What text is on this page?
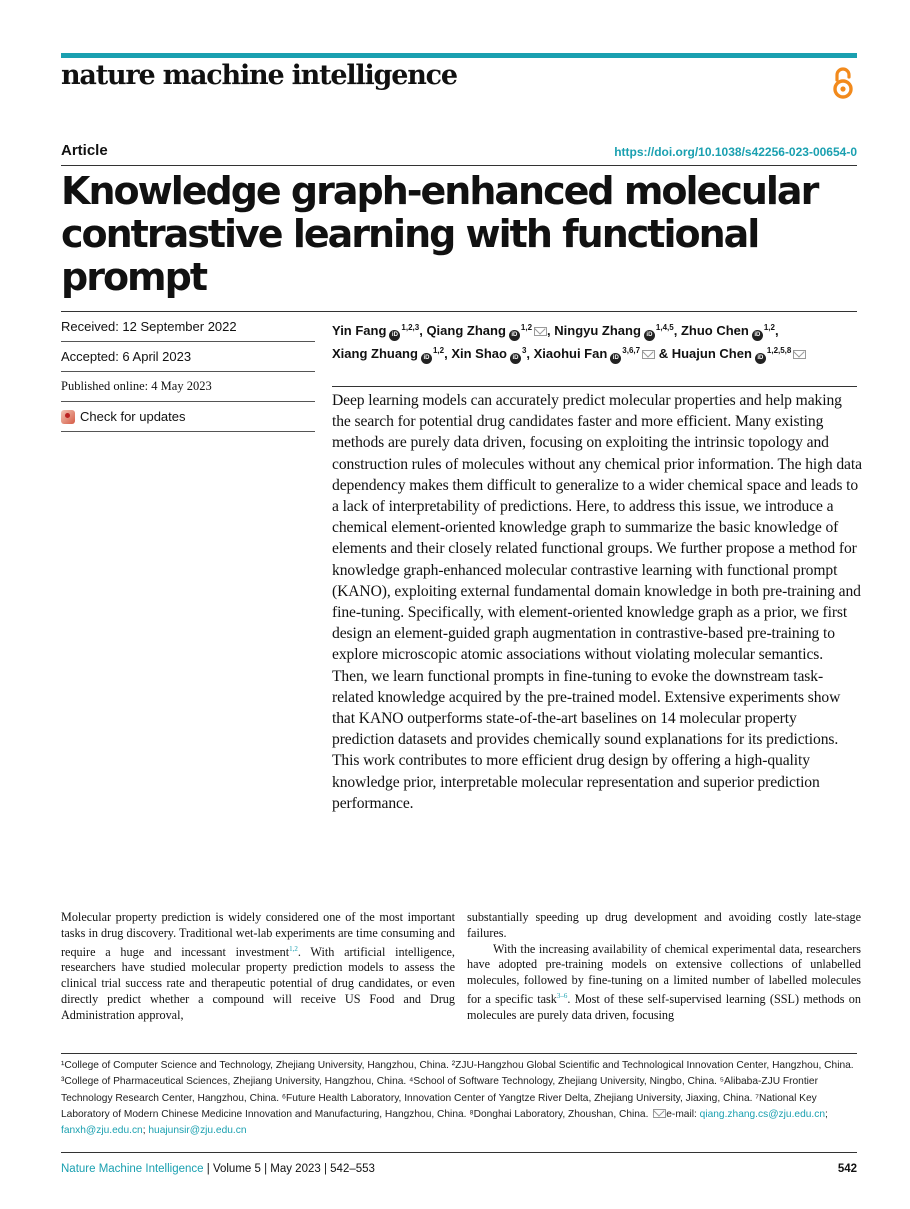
nature machine intelligence
Article	https://doi.org/10.1038/s42256-023-00654-0
Knowledge graph-enhanced molecular contrastive learning with functional prompt
Received: 12 September 2022
Accepted: 6 April 2023
Published online: 4 May 2023
Check for updates
Yin Fang iD$^{1,2,3}$, Qiang Zhang iD$^{1,2}$ , Ningyu Zhang iD$^{1,4,5}$, Zhuo Chen iD$^{1,2}$,
Xiang Zhuang iD$^{1,2}$, Xin Shao iD$^3$, Xiaohui Fan iD$^{3,6,7}$ & Huajun Chen iD$^{1,2,5,8}$

Deep learning models can accurately predict molecular properties and help making the search for potential drug candidates faster and more efficient. Many existing methods are purely data driven, focusing on exploiting the intrinsic topology and construction rules of molecules without any chemical prior information. The high data dependency makes them difficult to generalize to a wider chemical space and leads to a lack of interpretability of predictions. Here, to address this issue, we introduce a chemical element-oriented knowledge graph to summarize the basic knowledge of elements and their closely related functional groups. We further propose a method for knowledge graph-enhanced molecular contrastive learning with functional prompt (KANO), exploiting external fundamental domain knowledge in both pre-training and fine-tuning. Specifically, with element-oriented knowledge graph as a prior, we first design an element-guided graph augmentation in contrastive-based pre-training to explore microscopic atomic associations without violating molecular semantics. Then, we learn functional prompts in fine-tuning to evoke the downstream task-related knowledge acquired by the pre-trained model. Extensive experiments show that KANO outperforms state-of-the-art baselines on 14 molecular property prediction datasets and provides chemically sound explanations for its predictions. This work contributes to more efficient drug design by offering a high-quality knowledge prior, interpretable molecular representation and superior prediction performance.

Molecular property prediction is widely considered one of the most important tasks in drug discovery. Traditional wet-lab experiments are time consuming and require a huge and incessant investment$^{1,2}$. With artificial intelligence, researchers have studied molecular property prediction models to assess the clinical trial success rate and therapeutic potential of drug candidates, or even directly predict whether a compound will receive US Food and Drug Administration approval,

substantially speeding up drug development and avoiding costly late-stage failures.

With the increasing availability of chemical experimental data, researchers have adopted pre-training models on extensive collections of unlabelled molecules, followed by fine-tuning on a limited number of labelled molecules for a specific task$^{3-6}$. Most of these self-supervised learning (SSL) methods on molecules are purely data driven, focusing

¹College of Computer Science and Technology, Zhejiang University, Hangzhou, China. ²ZJU-Hangzhou Global Scientific and Technological Innovation Center, Hangzhou, China. ³College of Pharmaceutical Sciences, Zhejiang University, Hangzhou, China. ⁴School of Software Technology, Zhejiang University, Ningbo, China. ⁵Alibaba-ZJU Frontier Technology Research Center, Hangzhou, China. ⁶Future Health Laboratory, Innovation Center of Yangtze River Delta, Zhejiang University, Jiaxing, China. ⁷National Key Laboratory of Modern Chinese Medicine Innovation and Manufacturing, Hangzhou, China. ⁸Donghai Laboratory, Zhoushan, China. e-mail: qiang.zhang.cs@zju.edu.cn; fanxh@zju.edu.cn; huajunsir@zju.edu.cn
Nature Machine Intelligence | Volume 5 | May 2023 | 542–553	542
